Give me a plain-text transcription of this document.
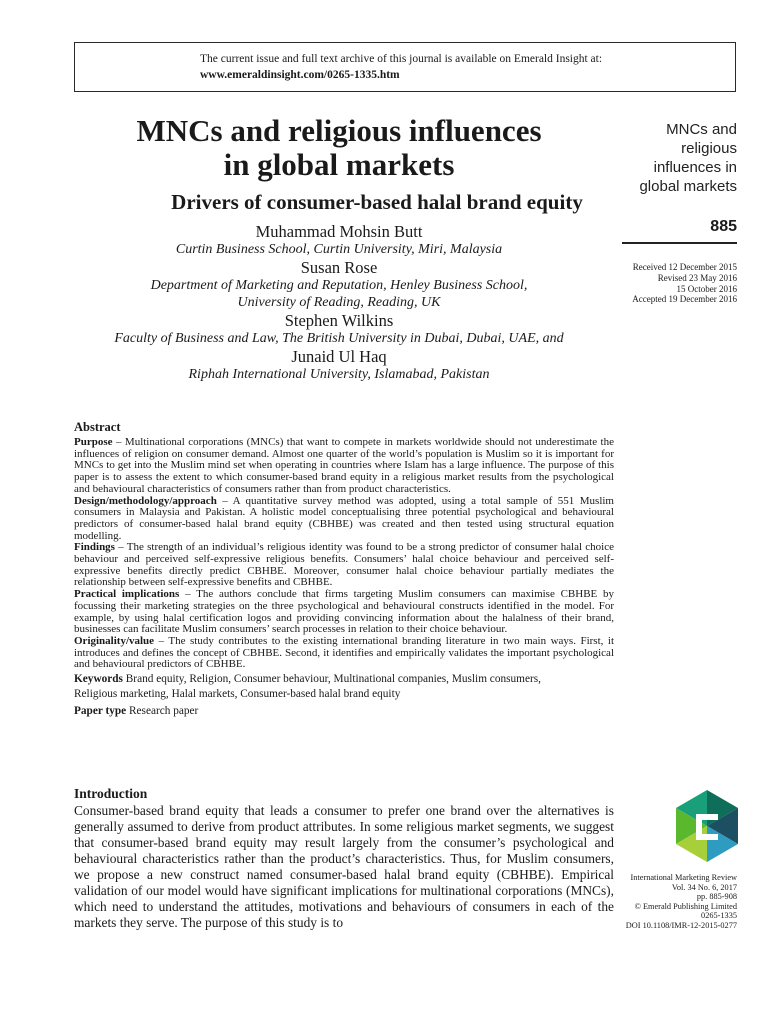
The current issue and full text archive of this journal is available on Emerald Insight at:
www.emeraldinsight.com/0265-1335.htm
MNCs and religious influences
in global markets
Drivers of consumer-based halal brand equity
Muhammad Mohsin Butt
Curtin Business School, Curtin University, Miri, Malaysia
Susan Rose
Department of Marketing and Reputation, Henley Business School,
University of Reading, Reading, UK
Stephen Wilkins
Faculty of Business and Law, The British University in Dubai, Dubai, UAE, and
Junaid Ul Haq
Riphah International University, Islamabad, Pakistan
MNCs and
religious
influences in
global markets
885
Received 12 December 2015
Revised 23 May 2016
15 October 2016
Accepted 19 December 2016
Abstract
Purpose – Multinational corporations (MNCs) that want to compete in markets worldwide should not underestimate the influences of religion on consumer demand. Almost one quarter of the world’s population is Muslim so it is important for MNCs to get into the Muslim mind set when operating in countries where Islam has a large influence. The purpose of this paper is to assess the extent to which consumer-based brand equity in a religious market results from the psychological and behavioural characteristics of consumers rather than from product characteristics.
Design/methodology/approach – A quantitative survey method was adopted, using a total sample of 551 Muslim consumers in Malaysia and Pakistan. A holistic model conceptualising three potential psychological and behavioural predictors of consumer-based halal brand equity (CBHBE) was created and then tested using structural equation modelling.
Findings – The strength of an individual’s religious identity was found to be a strong predictor of consumer halal choice behaviour and perceived self-expressive religious benefits. Consumers’ halal choice behaviour and perceived self-expressive benefits directly predict CBHBE. Moreover, consumer halal choice behaviour partially mediates the relationship between self-expressive benefits and CBHBE.
Practical implications – The authors conclude that firms targeting Muslim consumers can maximise CBHBE by focussing their marketing strategies on the three psychological and behavioural constructs identified in the model. For example, by using halal certification logos and providing convincing information about the halalness of their brand, businesses can facilitate Muslim consumers’ search processes in relation to their choice behaviour.
Originality/value – The study contributes to the existing international branding literature in two main ways. First, it introduces and defines the concept of CBHBE. Second, it identifies and empirically validates the important psychological and behavioural predictors of CBHBE.
Keywords Brand equity, Religion, Consumer behaviour, Multinational companies, Muslim consumers,
Religious marketing, Halal markets, Consumer-based halal brand equity
Paper type Research paper
Introduction
Consumer-based brand equity that leads a consumer to prefer one brand over the alternatives is generally assumed to derive from product attributes. In some religious market segments, we suggest that consumer-based brand equity may result largely from the consumer’s psychological and behavioural characteristics rather than the product’s characteristics. Thus, for Muslim consumers, we propose a new construct named consumer-based halal brand equity (CBHBE). Empirical validation of our model would have significant implications for multinational corporations (MNCs), which need to understand the attitudes, motivations and behaviours of consumers in each of the markets they serve. The purpose of this study is to
International Marketing Review
Vol. 34 No. 6, 2017
pp. 885-908
© Emerald Publishing Limited
0265-1335
DOI 10.1108/IMR-12-2015-0277
